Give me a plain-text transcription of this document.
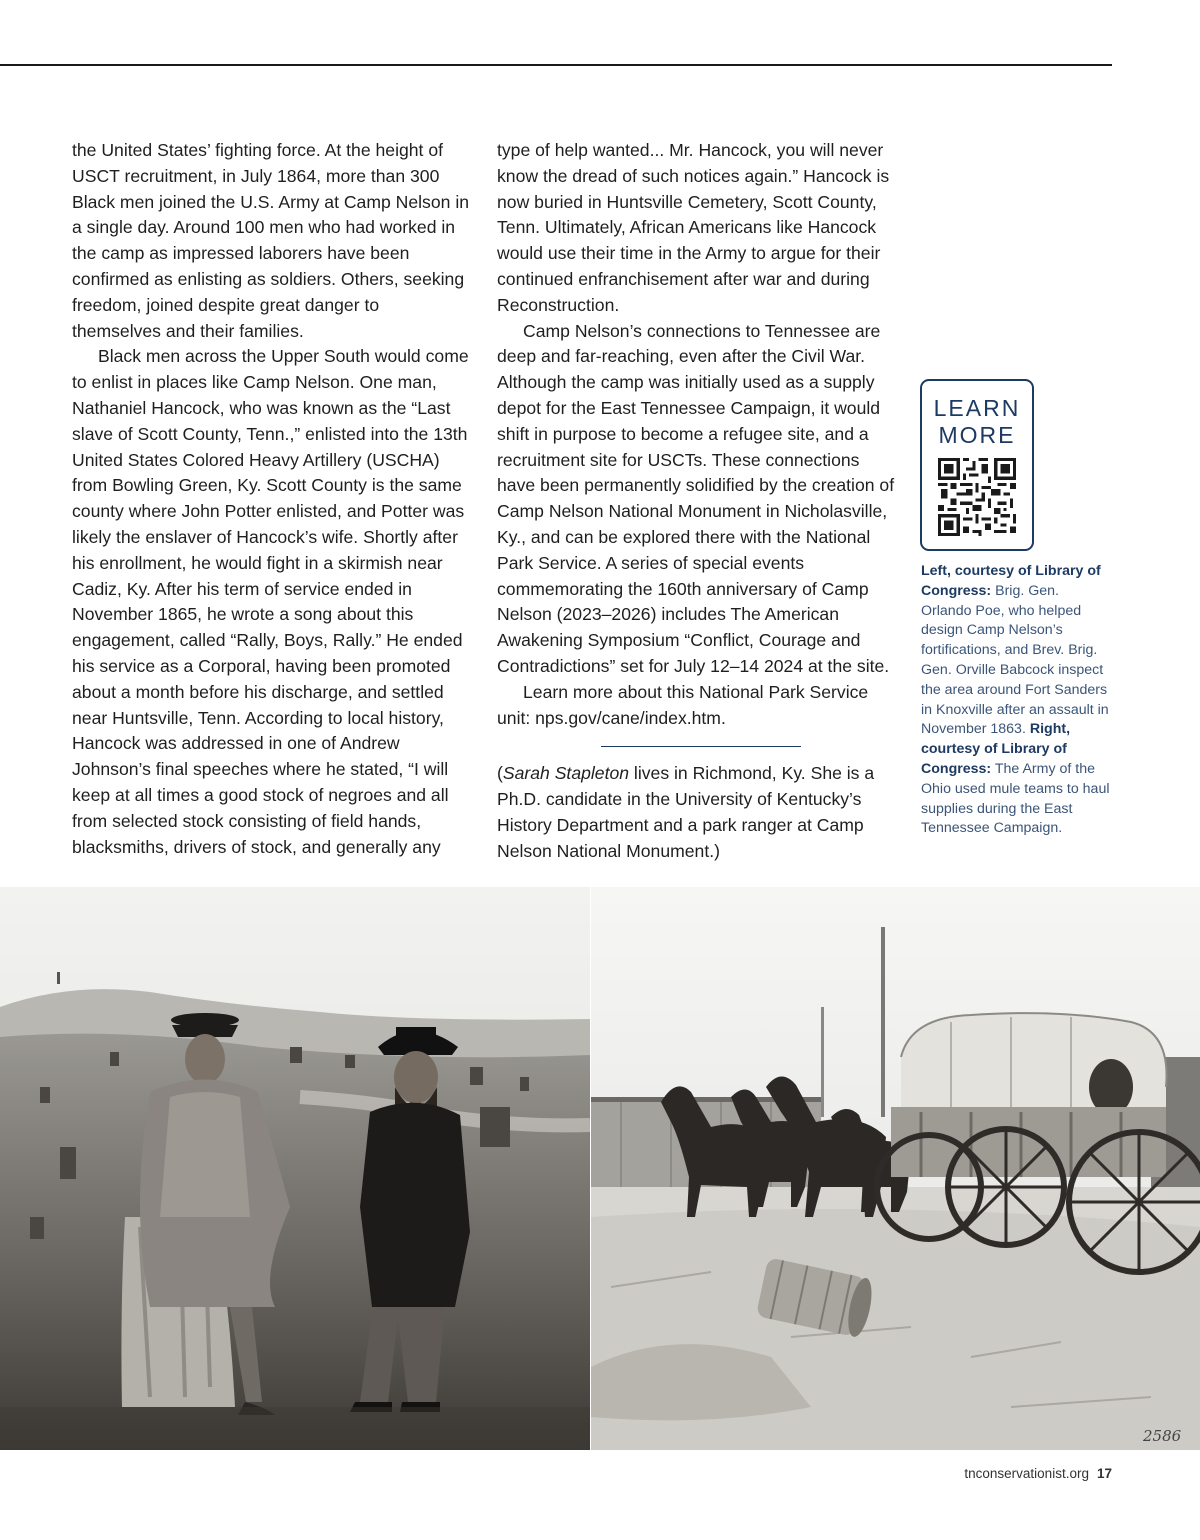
the United States’ fighting force. At the height of USCT recruitment, in July 1864, more than 300 Black men joined the U.S. Army at Camp Nelson in a single day. Around 100 men who had worked in the camp as impressed laborers have been confirmed as enlisting as soldiers. Others, seeking freedom, joined despite great danger to themselves and their families.

Black men across the Upper South would come to enlist in places like Camp Nelson. One man, Nathaniel Hancock, who was known as the “Last slave of Scott County, Tenn.,” enlisted into the 13th United States Colored Heavy Artillery (USCHA) from Bowling Green, Ky. Scott County is the same county where John Potter enlisted, and Potter was likely the enslaver of Hancock’s wife. Shortly after his enrollment, he would fight in a skirmish near Cadiz, Ky. After his term of service ended in November 1865, he wrote a song about this engagement, called “Rally, Boys, Rally.” He ended his service as a Corporal, having been promoted about a month before his discharge, and settled near Huntsville, Tenn. According to local history, Hancock was addressed in one of Andrew Johnson’s final speeches where he stated, “I will keep at all times a good stock of negroes and all from selected stock consisting of field hands, blacksmiths, drivers of stock, and generally any

type of help wanted... Mr. Hancock, you will never know the dread of such notices again.” Hancock is now buried in Huntsville Cemetery, Scott County, Tenn. Ultimately, African Americans like Hancock would use their time in the Army to argue for their continued enfranchisement after war and during Reconstruction.

Camp Nelson’s connections to Tennessee are deep and far-reaching, even after the Civil War. Although the camp was initially used as a supply depot for the East Tennessee Campaign, it would shift in purpose to become a refugee site, and a recruitment site for USCTs. These connections have been permanently solidified by the creation of Camp Nelson National Monument in Nicholasville, Ky., and can be explored there with the National Park Service. A series of special events commemorating the 160th anniversary of Camp Nelson (2023–2026) includes The American Awakening Symposium “Conflict, Courage and Contradictions” set for July 12–14 2024 at the site.

Learn more about this National Park Service unit: nps.gov/cane/index.htm.

(Sarah Stapleton lives in Richmond, Ky. She is a Ph.D. candidate in the University of Kentucky’s History Department and a park ranger at Camp Nelson National Monument.)

LEARN
MORE
Left, courtesy of Library of Congress: Brig. Gen. Orlando Poe, who helped design Camp Nelson’s fortifications, and Brev. Brig. Gen. Orville Babcock inspect the area around Fort Sanders in Knoxville after an assault in November 1863. Right, courtesy of Library of Congress: The Army of the Ohio used mule teams to haul supplies during the East Tennessee Campaign.
2586
tnconservationist.org 17
